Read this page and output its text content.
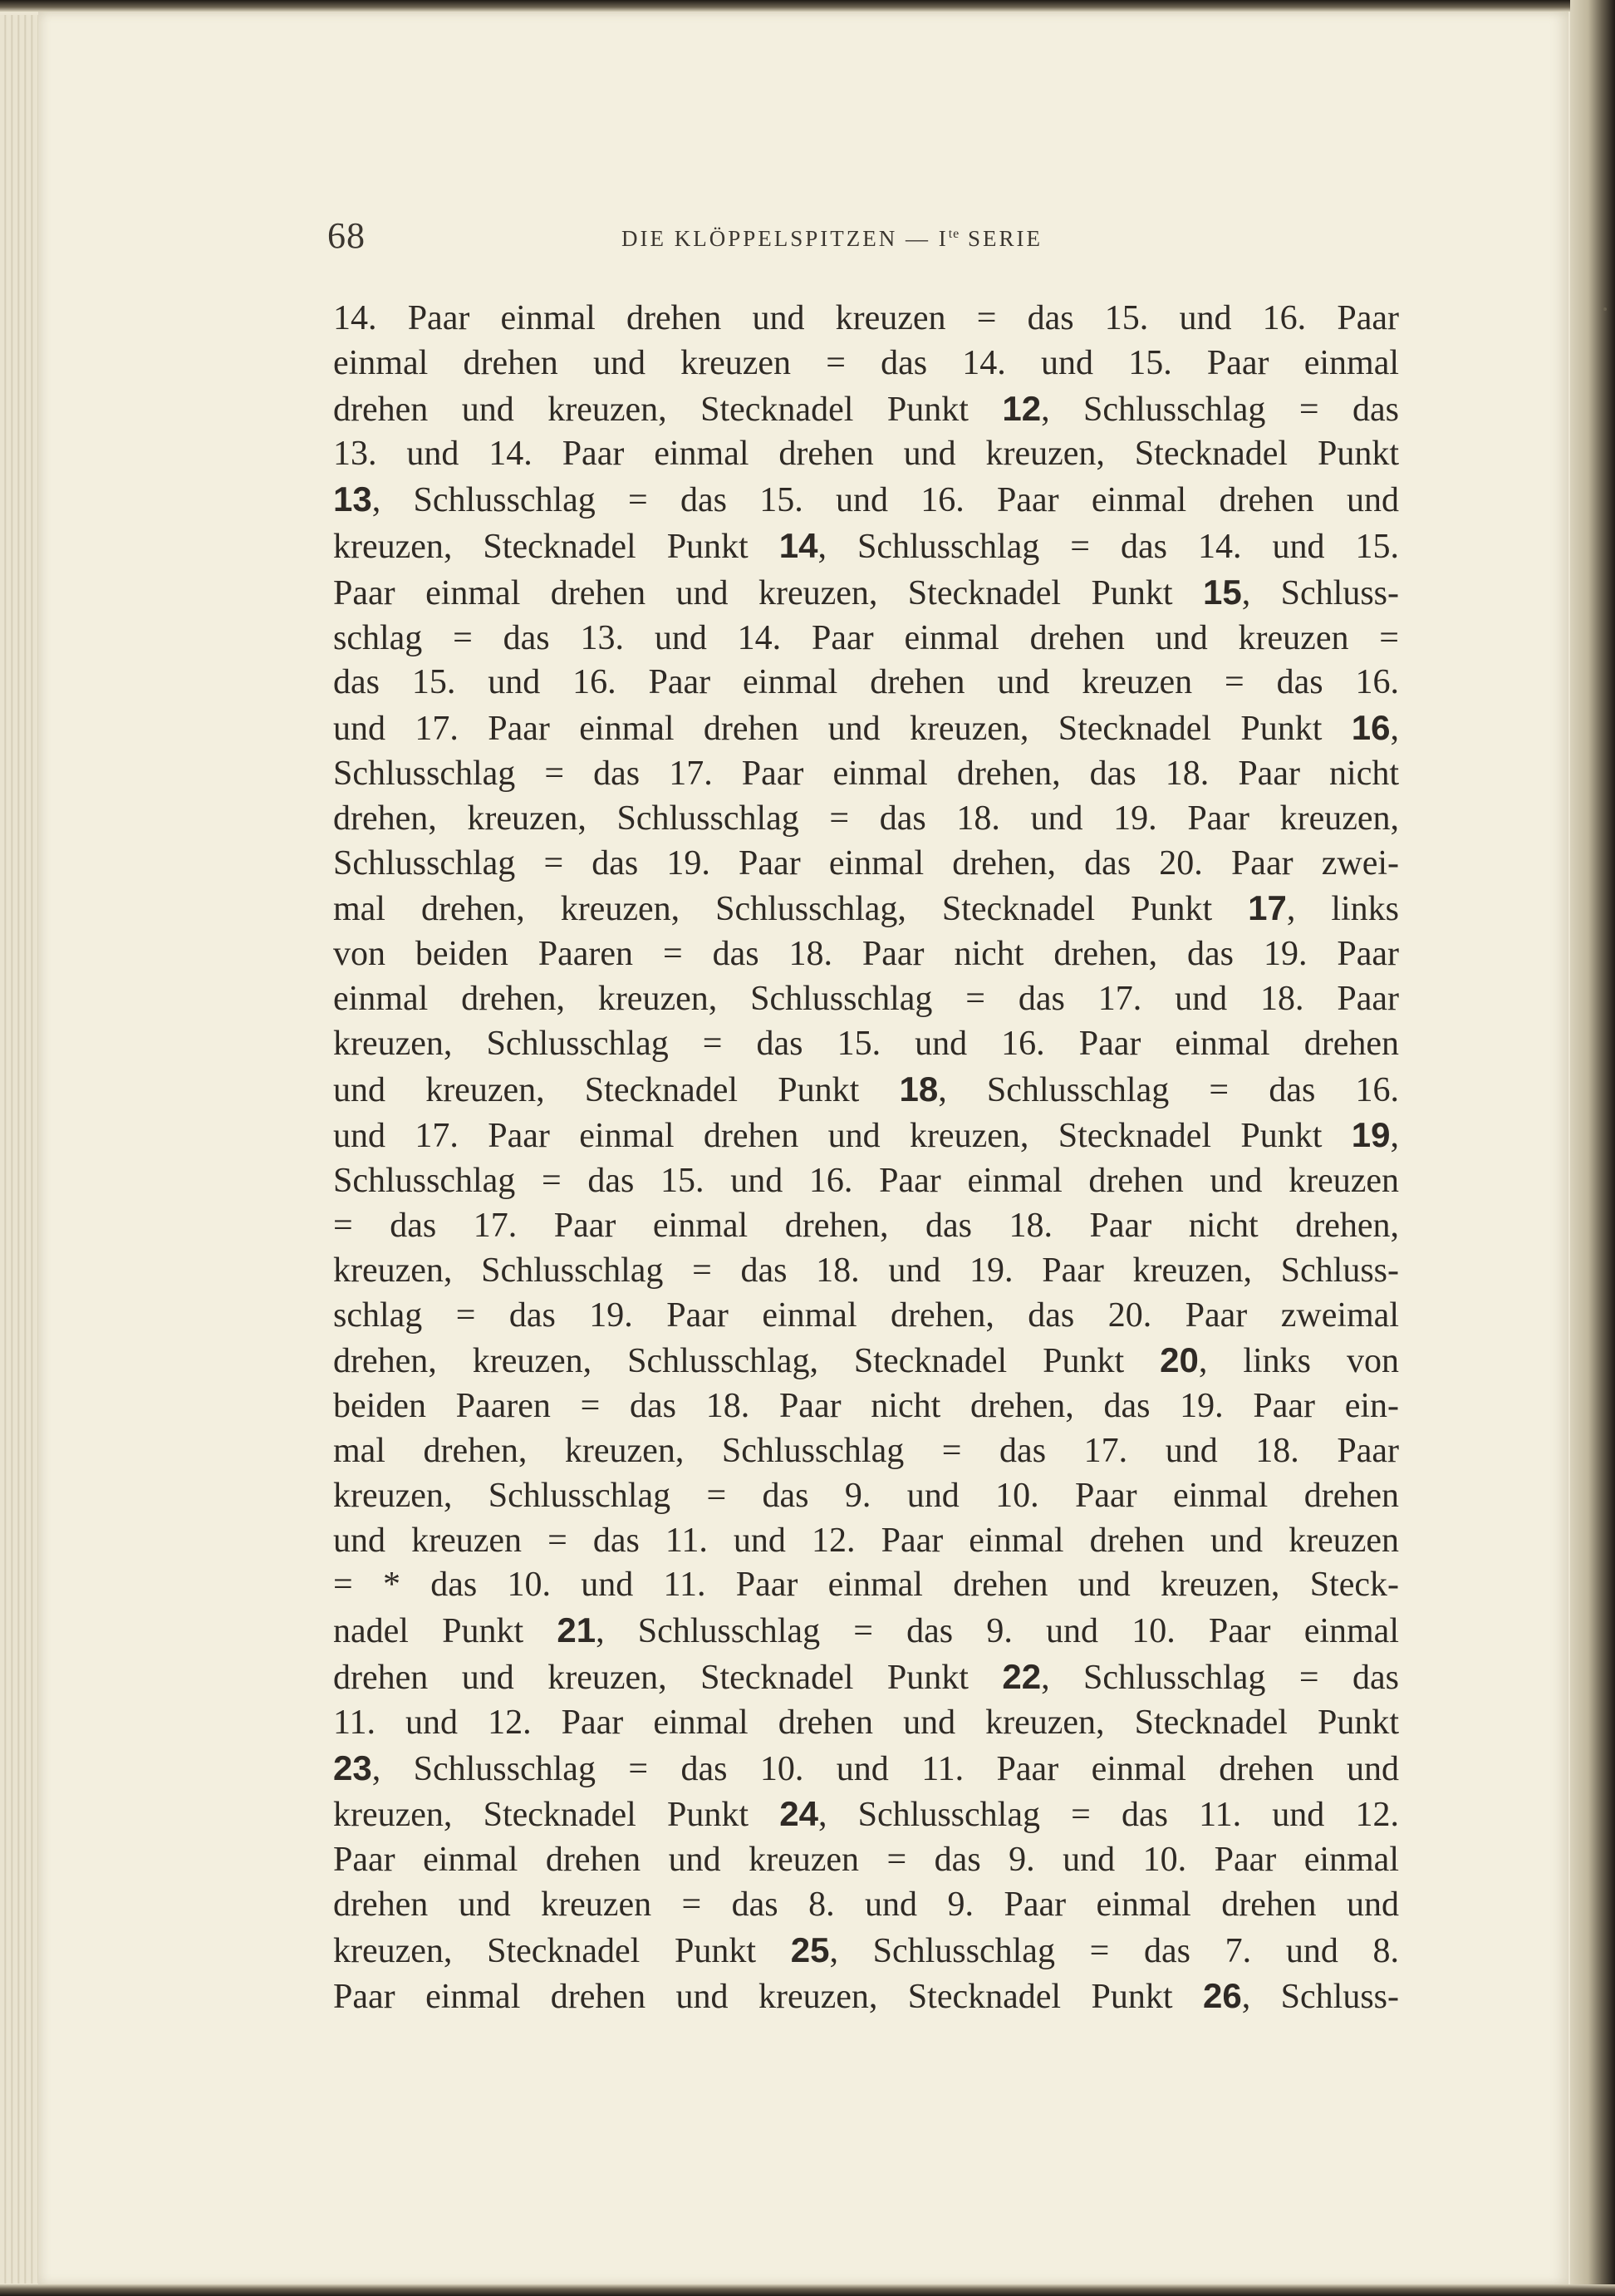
68	DIE KLÖPPELSPITZEN — $I^{te}$ SERIE
14. Paar einmal drehen und kreuzen = das 15. und 16. Paar
einmal drehen und kreuzen = das 14. und 15. Paar einmal
drehen und kreuzen, Stecknadel Punkt 12, Schlusschlag = das
13. und 14. Paar einmal drehen und kreuzen, Stecknadel Punkt
13, Schlusschlag = das 15. und 16. Paar einmal drehen und
kreuzen, Stecknadel Punkt 14, Schlusschlag = das 14. und 15.
Paar einmal drehen und kreuzen, Stecknadel Punkt 15, Schluss-
schlag = das 13. und 14. Paar einmal drehen und kreuzen =
das 15. und 16. Paar einmal drehen und kreuzen = das 16.
und 17. Paar einmal drehen und kreuzen, Stecknadel Punkt 16,
Schlusschlag = das 17. Paar einmal drehen, das 18. Paar nicht
drehen, kreuzen, Schlusschlag = das 18. und 19. Paar kreuzen,
Schlusschlag = das 19. Paar einmal drehen, das 20. Paar zwei-
mal drehen, kreuzen, Schlusschlag, Stecknadel Punkt 17, links
von beiden Paaren = das 18. Paar nicht drehen, das 19. Paar
einmal drehen, kreuzen, Schlusschlag = das 17. und 18. Paar
kreuzen, Schlusschlag = das 15. und 16. Paar einmal drehen
und kreuzen, Stecknadel Punkt 18, Schlusschlag = das 16.
und 17. Paar einmal drehen und kreuzen, Stecknadel Punkt 19,
Schlusschlag = das 15. und 16. Paar einmal drehen und kreuzen
= das 17. Paar einmal drehen, das 18. Paar nicht drehen,
kreuzen, Schlusschlag = das 18. und 19. Paar kreuzen, Schluss-
schlag = das 19. Paar einmal drehen, das 20. Paar zweimal
drehen, kreuzen, Schlusschlag, Stecknadel Punkt 20, links von
beiden Paaren = das 18. Paar nicht drehen, das 19. Paar ein-
mal drehen, kreuzen, Schlusschlag = das 17. und 18. Paar
kreuzen, Schlusschlag = das 9. und 10. Paar einmal drehen
und kreuzen = das 11. und 12. Paar einmal drehen und kreuzen
= * das 10. und 11. Paar einmal drehen und kreuzen, Steck-
nadel Punkt 21, Schlusschlag = das 9. und 10. Paar einmal
drehen und kreuzen, Stecknadel Punkt 22, Schlusschlag = das
11. und 12. Paar einmal drehen und kreuzen, Stecknadel Punkt
23, Schlusschlag = das 10. und 11. Paar einmal drehen und
kreuzen, Stecknadel Punkt 24, Schlusschlag = das 11. und 12.
Paar einmal drehen und kreuzen = das 9. und 10. Paar einmal
drehen und kreuzen = das 8. und 9. Paar einmal drehen und
kreuzen, Stecknadel Punkt 25, Schlusschlag = das 7. und 8.
Paar einmal drehen und kreuzen, Stecknadel Punkt 26, Schluss-
